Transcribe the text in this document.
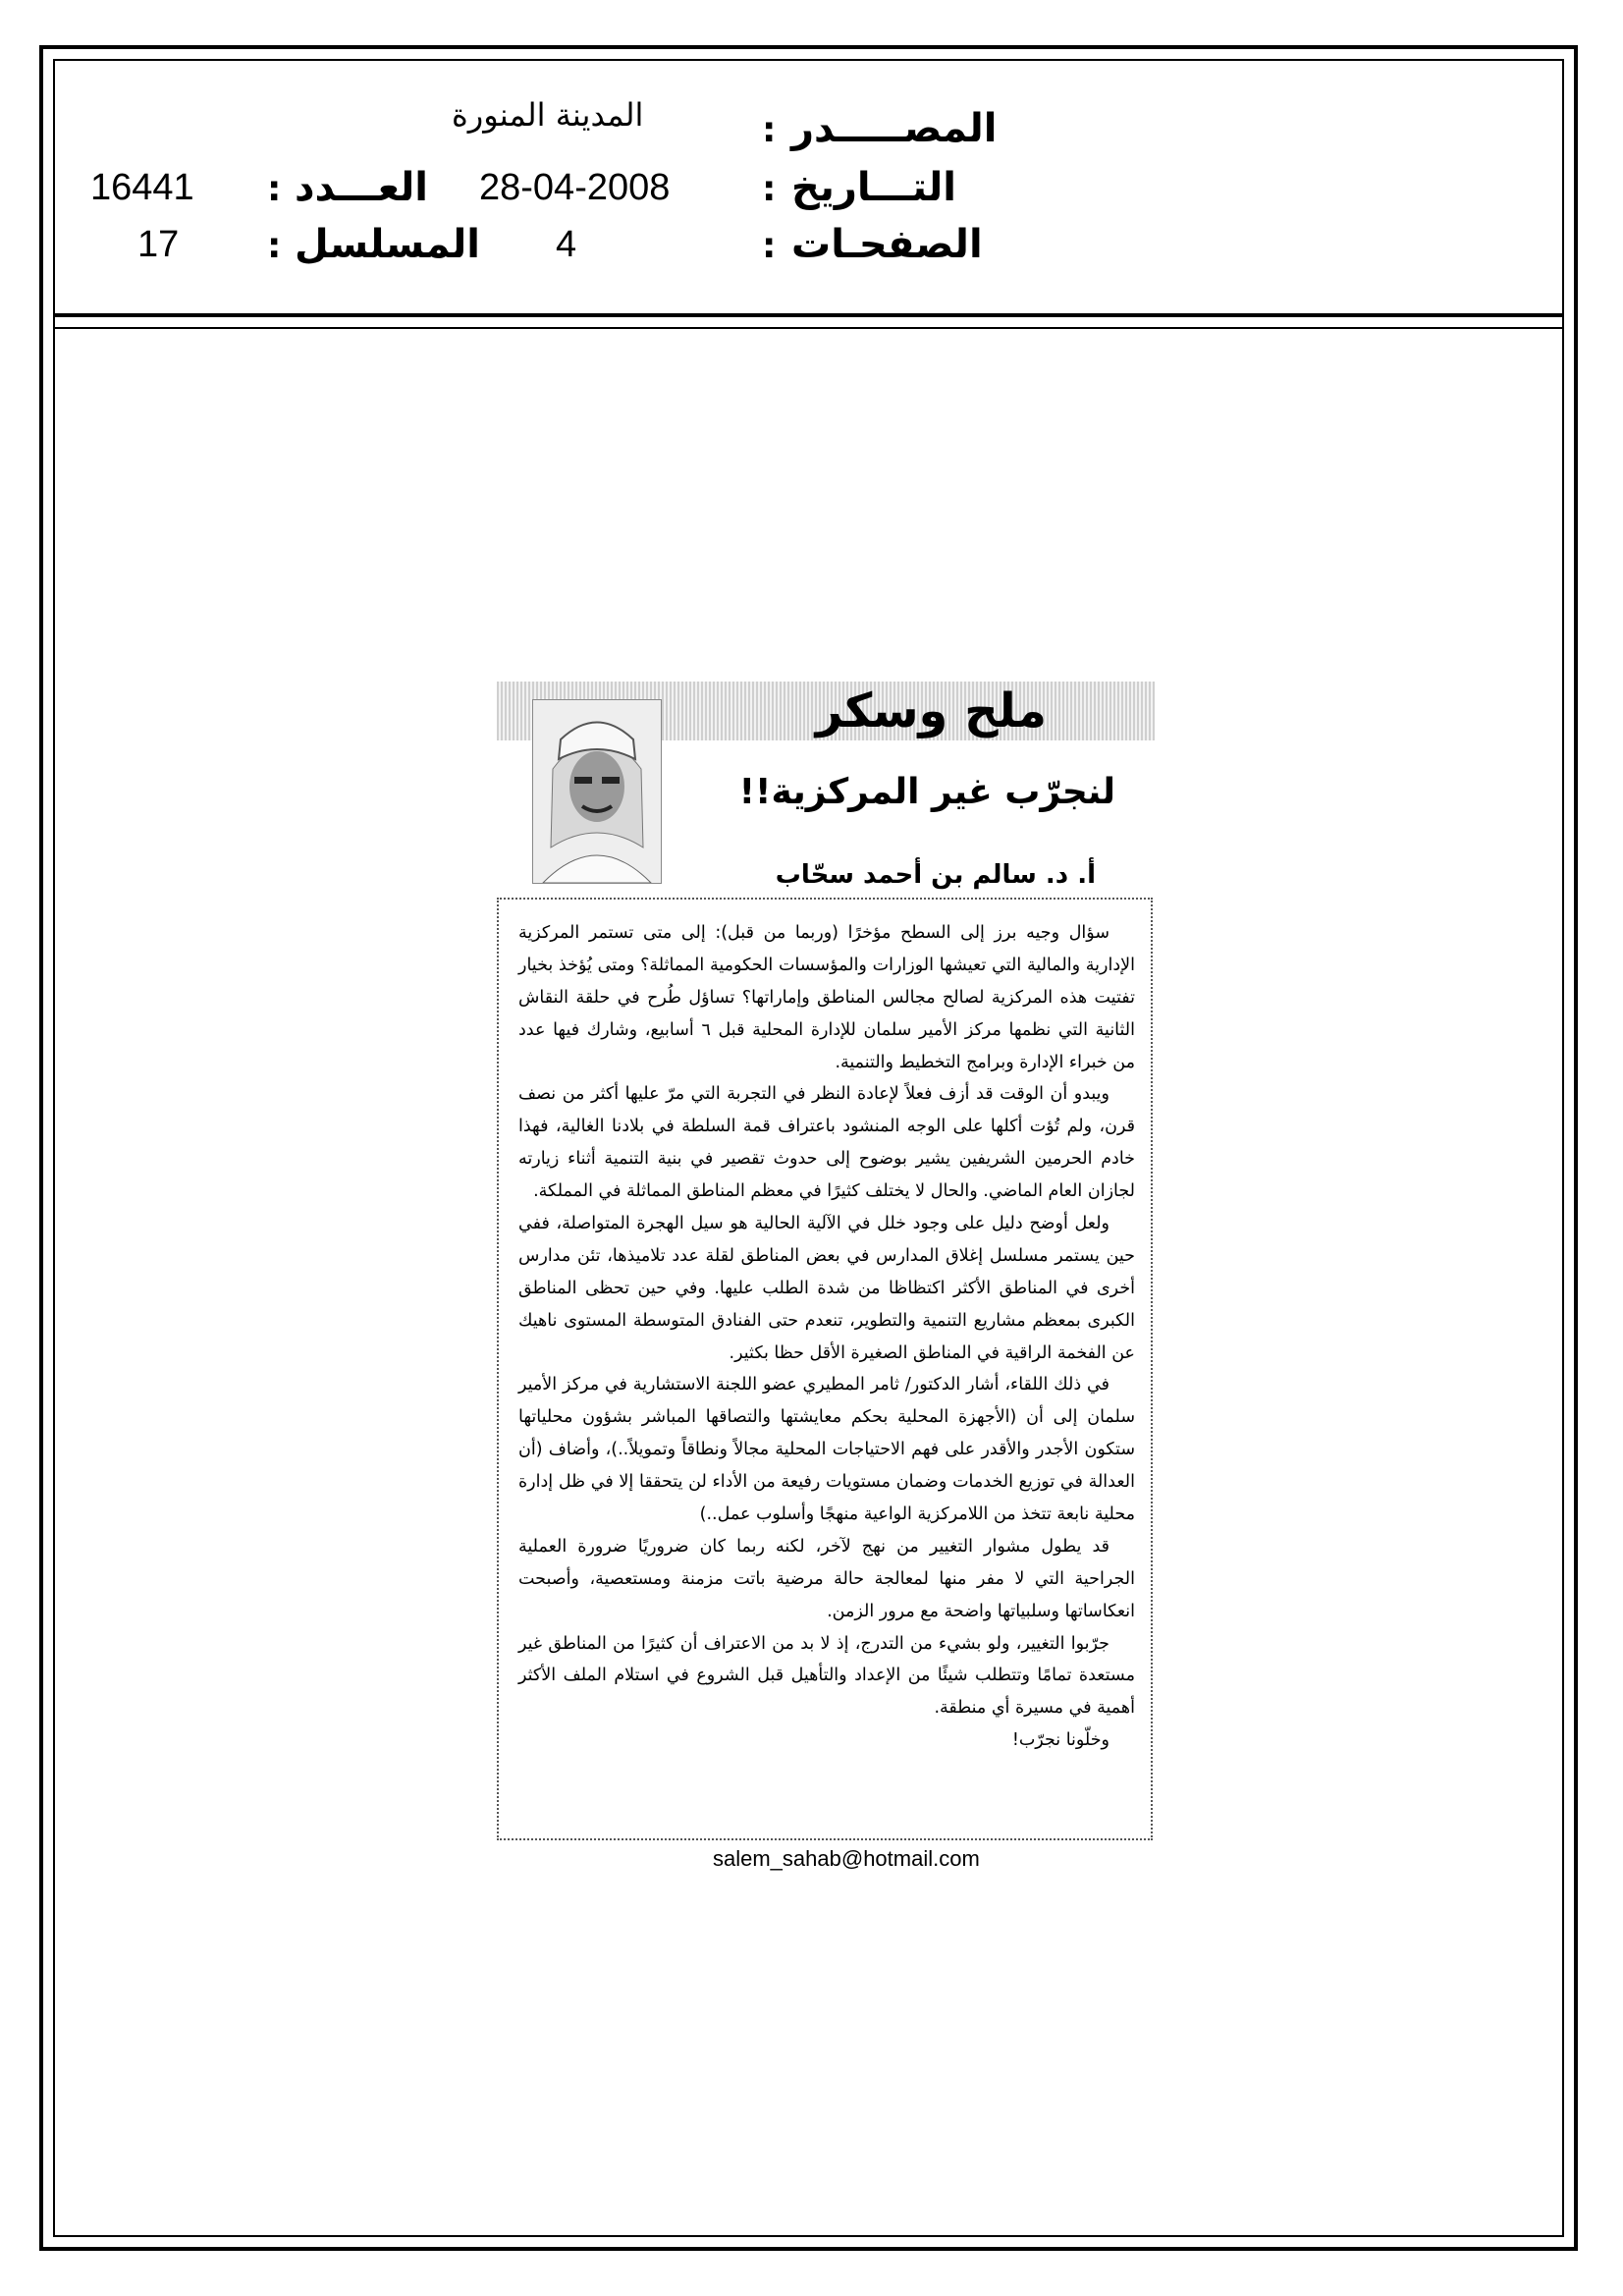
المصـــــدر
:
المدينة المنورة
التـــاريخ
:
28-04-2008
الصفحـات
:
4
العـــدد
:
16441
المسلسل
:
17
ملح وسكر
لنجرّب غير المركزية!!
أ. د. سالم بن أحمد سحّاب

سؤال وجيه برز إلى السطح مؤخرًا (وربما من قبل): إلى متى تستمر المركزية الإدارية والمالية التي تعيشها الوزارات والمؤسسات الحكومية المماثلة؟ ومتى يُؤخذ بخيار تفتيت هذه المركزية لصالح مجالس المناطق وإماراتها؟ تساؤل طُرح في حلقة النقاش الثانية التي نظمها مركز الأمير سلمان للإدارة المحلية قبل ٦ أسابيع، وشارك فيها عدد من خبراء الإدارة وبرامج التخطيط والتنمية.

ويبدو أن الوقت قد أزف فعلاً لإعادة النظر في التجربة التي مرّ عليها أكثر من نصف قرن، ولم تُؤت أكلها على الوجه المنشود باعتراف قمة السلطة في بلادنا الغالية، فهذا خادم الحرمين الشريفين يشير بوضوح إلى حدوث تقصير في بنية التنمية أثناء زيارته لجازان العام الماضي. والحال لا يختلف كثيرًا في معظم المناطق المماثلة في المملكة.

ولعل أوضح دليل على وجود خلل في الآلية الحالية هو سيل الهجرة المتواصلة، ففي حين يستمر مسلسل إغلاق المدارس في بعض المناطق لقلة عدد تلاميذها، تئن مدارس أخرى في المناطق الأكثر اكتظاظا من شدة الطلب عليها. وفي حين تحظى المناطق الكبرى بمعظم مشاريع التنمية والتطوير، تنعدم حتى الفنادق المتوسطة المستوى ناهيك عن الفخمة الراقية في المناطق الصغيرة الأقل حظا بكثير.

في ذلك اللقاء، أشار الدكتور/ ثامر المطيري عضو اللجنة الاستشارية في مركز الأمير سلمان إلى أن (الأجهزة المحلية بحكم معايشتها والتصاقها المباشر بشؤون محلياتها ستكون الأجدر والأقدر على فهم الاحتياجات المحلية مجالاً ونطاقاً وتمويلاً..)، وأضاف (أن العدالة في توزيع الخدمات وضمان مستويات رفيعة من الأداء لن يتحققا إلا في ظل إدارة محلية نابعة تتخذ من اللامركزية الواعية منهجًا وأسلوب عمل..)

قد يطول مشوار التغيير من نهج لآخر، لكنه ربما كان ضروريًا ضرورة العملية الجراحية التي لا مفر منها لمعالجة حالة مرضية باتت مزمنة ومستعصية، وأصبحت انعكاساتها وسلبياتها واضحة مع مرور الزمن.

جرّبوا التغيير، ولو بشيء من التدرج، إذ لا بد من الاعتراف أن كثيرًا من المناطق غير مستعدة تمامًا وتتطلب شيئًا من الإعداد والتأهيل قبل الشروع في استلام الملف الأكثر أهمية في مسيرة أي منطقة.

وخلّونا نجرّب!

salem_sahab@hotmail.com
